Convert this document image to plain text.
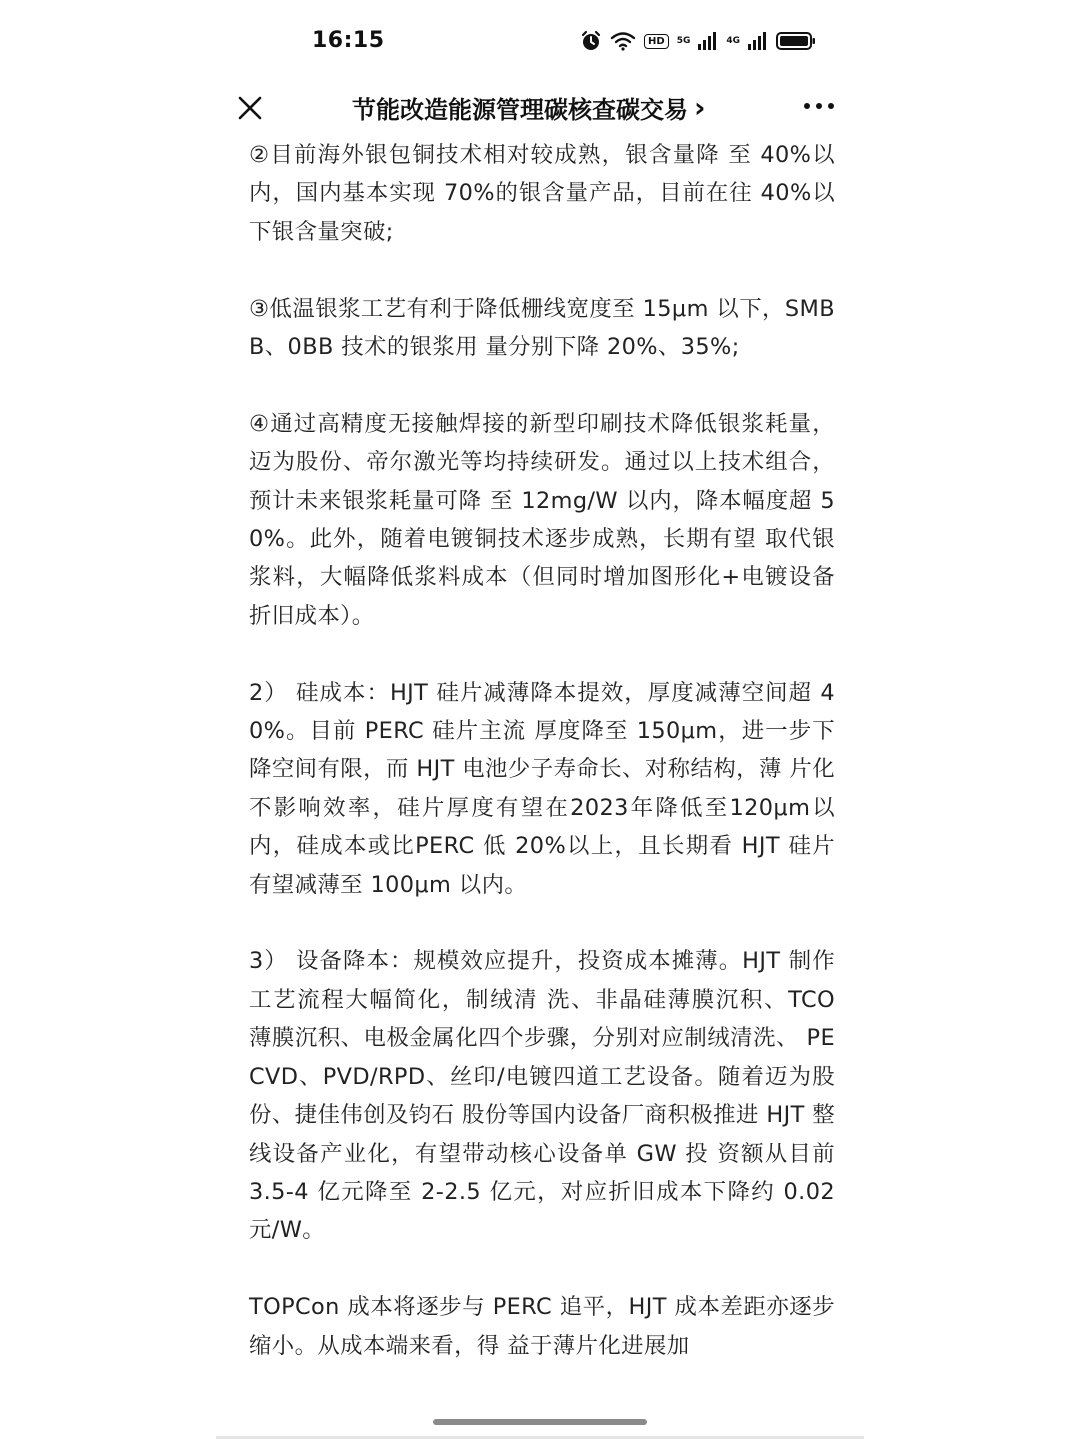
16:15	HD	5G	4G
节能改造能源管理碳核查碳交易 ›

②目前海外银包铜技术相对较成熟，银含量降 至 40%以内，国内基本实现 70%的银含量产品，目前在往 40%以下银含量突破;

③低温银浆工艺有利于降低栅线宽度至 15μm 以下，SMBB、0BB 技术的银浆用 量分别下降 20%、35%;

④通过高精度无接触焊接的新型印刷技术降低银浆耗量， 迈为股份、帝尔激光等均持续研发。通过以上技术组合，预计未来银浆耗量可降 至 12mg/W 以内，降本幅度超 50%。此外，随着电镀铜技术逐步成熟，长期有望 取代银浆料，大幅降低浆料成本（但同时增加图形化+电镀设备折旧成本）。

2） 硅成本：HJT 硅片减薄降本提效，厚度减薄空间超 40%。目前 PERC 硅片主流 厚度降至 150μm，进一步下降空间有限，而 HJT 电池少子寿命长、对称结构，薄 片化不影响效率，硅片厚度有望在2023年降低至120μm以内，硅成本或比PERC 低 20%以上，且长期看 HJT 硅片有望减薄至 100μm 以内。

3） 设备降本：规模效应提升，投资成本摊薄。HJT 制作工艺流程大幅简化，制绒清 洗、非晶硅薄膜沉积、TCO 薄膜沉积、电极金属化四个步骤，分别对应制绒清洗、 PECVD、PVD/RPD、丝印/电镀四道工艺设备。随着迈为股份、捷佳伟创及钧石 股份等国内设备厂商积极推进 HJT 整线设备产业化，有望带动核心设备单 GW 投 资额从目前 3.5-4 亿元降至 2-2.5 亿元，对应折旧成本下降约 0.02 元/W。

TOPCon 成本将逐步与 PERC 追平，HJT 成本差距亦逐步缩小。从成本端来看，得 益于薄片化进展加
